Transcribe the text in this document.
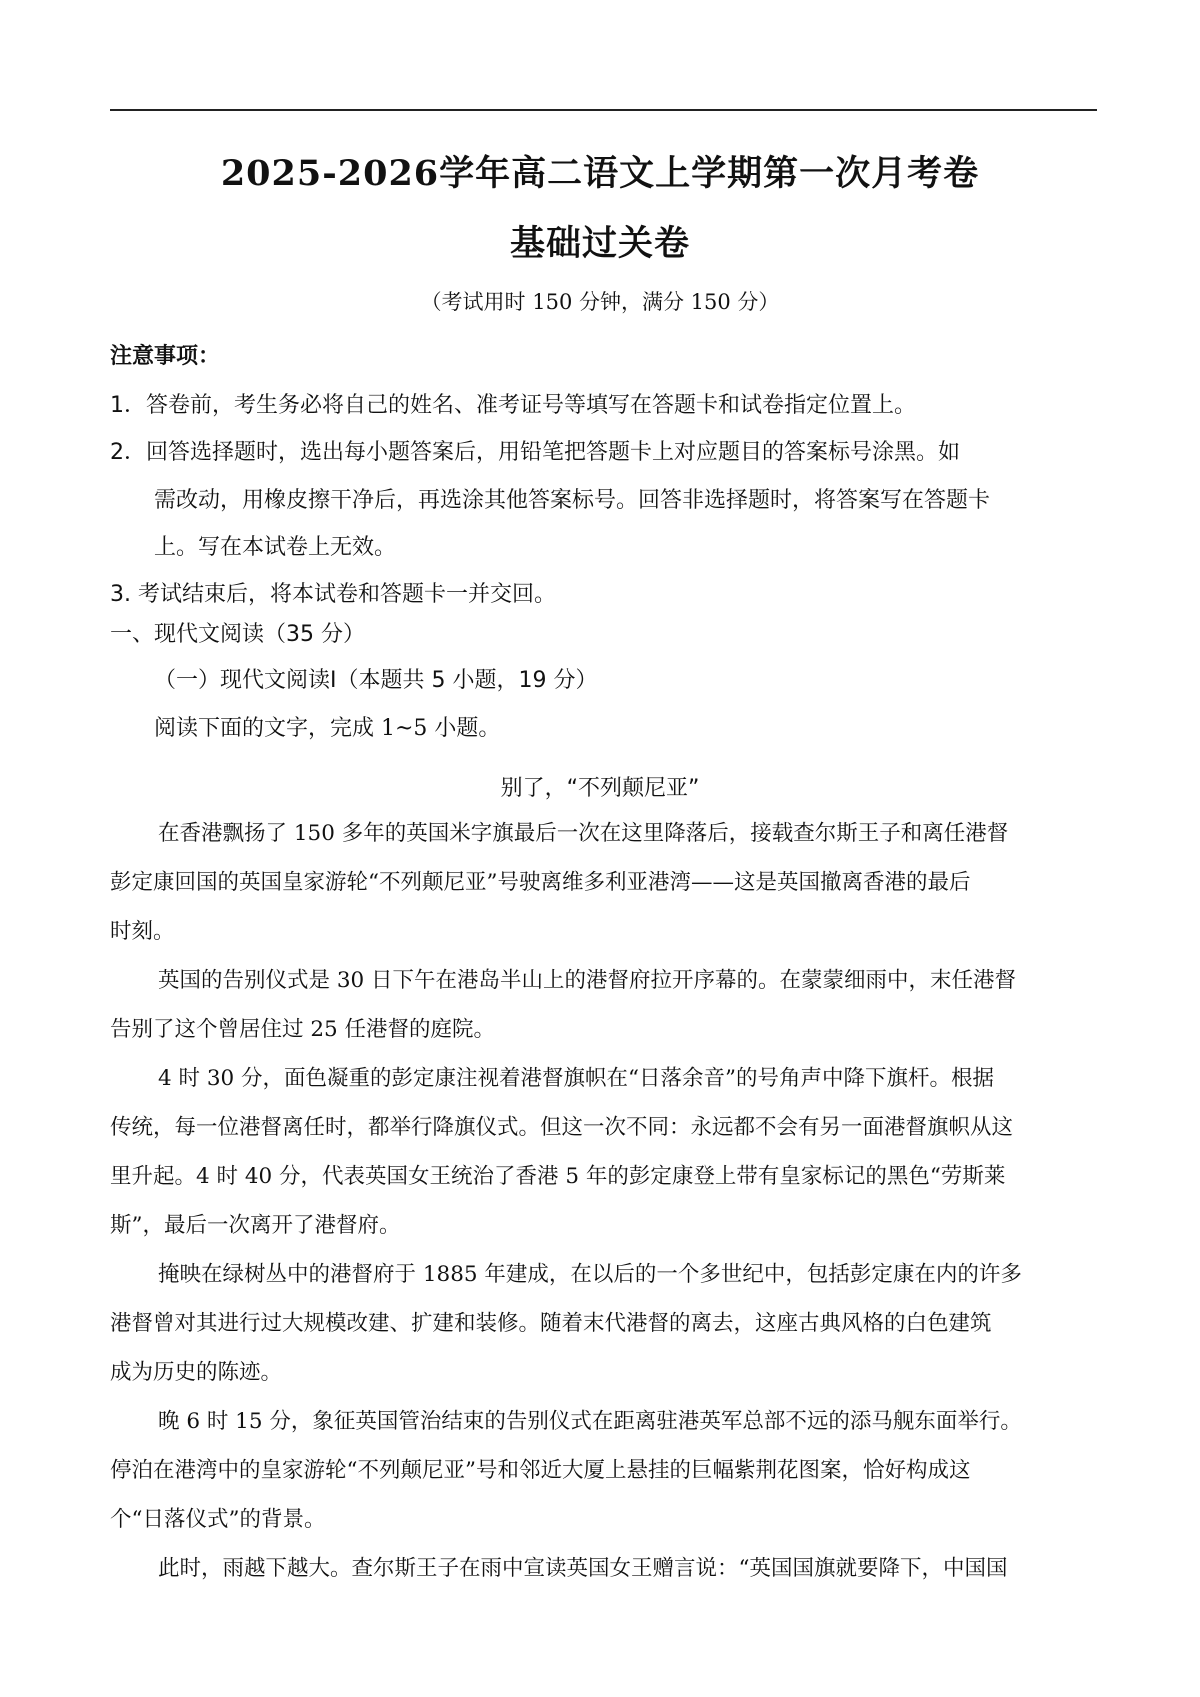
2025-2026学年高二语文上学期第一次月考卷
基础过关卷
（考试用时 150 分钟，满分 150 分）
注意事项：
1．答卷前，考生务必将自己的姓名、准考证号等填写在答题卡和试卷指定位置上。
2．回答选择题时，选出每小题答案后，用铅笔把答题卡上对应题目的答案标号涂黑。如
需改动，用橡皮擦干净后，再选涂其他答案标号。回答非选择题时，将答案写在答题卡
上。写在本试卷上无效。
3. 考试结束后，将本试卷和答题卡一并交回。
一、现代文阅读（35 分）
（一）现代文阅读Ⅰ（本题共 5 小题，19 分）
阅读下面的文字，完成 1~5 小题。
别了，“不列颠尼亚”
在香港飘扬了 150 多年的英国米字旗最后一次在这里降落后，接载查尔斯王子和离任港督
彭定康回国的英国皇家游轮“不列颠尼亚”号驶离维多利亚港湾——这是英国撤离香港的最后
时刻。
英国的告别仪式是 30 日下午在港岛半山上的港督府拉开序幕的。在蒙蒙细雨中，末任港督
告别了这个曾居住过 25 任港督的庭院。
4 时 30 分，面色凝重的彭定康注视着港督旗帜在“日落余音”的号角声中降下旗杆。根据
传统，每一位港督离任时，都举行降旗仪式。但这一次不同：永远都不会有另一面港督旗帜从这
里升起。4 时 40 分，代表英国女王统治了香港 5 年的彭定康登上带有皇家标记的黑色“劳斯莱
斯”，最后一次离开了港督府。
掩映在绿树丛中的港督府于 1885 年建成，在以后的一个多世纪中，包括彭定康在内的许多
港督曾对其进行过大规模改建、扩建和装修。随着末代港督的离去，这座古典风格的白色建筑
成为历史的陈迹。
晚 6 时 15 分，象征英国管治结束的告别仪式在距离驻港英军总部不远的添马舰东面举行。
停泊在港湾中的皇家游轮“不列颠尼亚”号和邻近大厦上悬挂的巨幅紫荆花图案，恰好构成这
个“日落仪式”的背景。
此时，雨越下越大。查尔斯王子在雨中宣读英国女王赠言说：“英国国旗就要降下，中国国
